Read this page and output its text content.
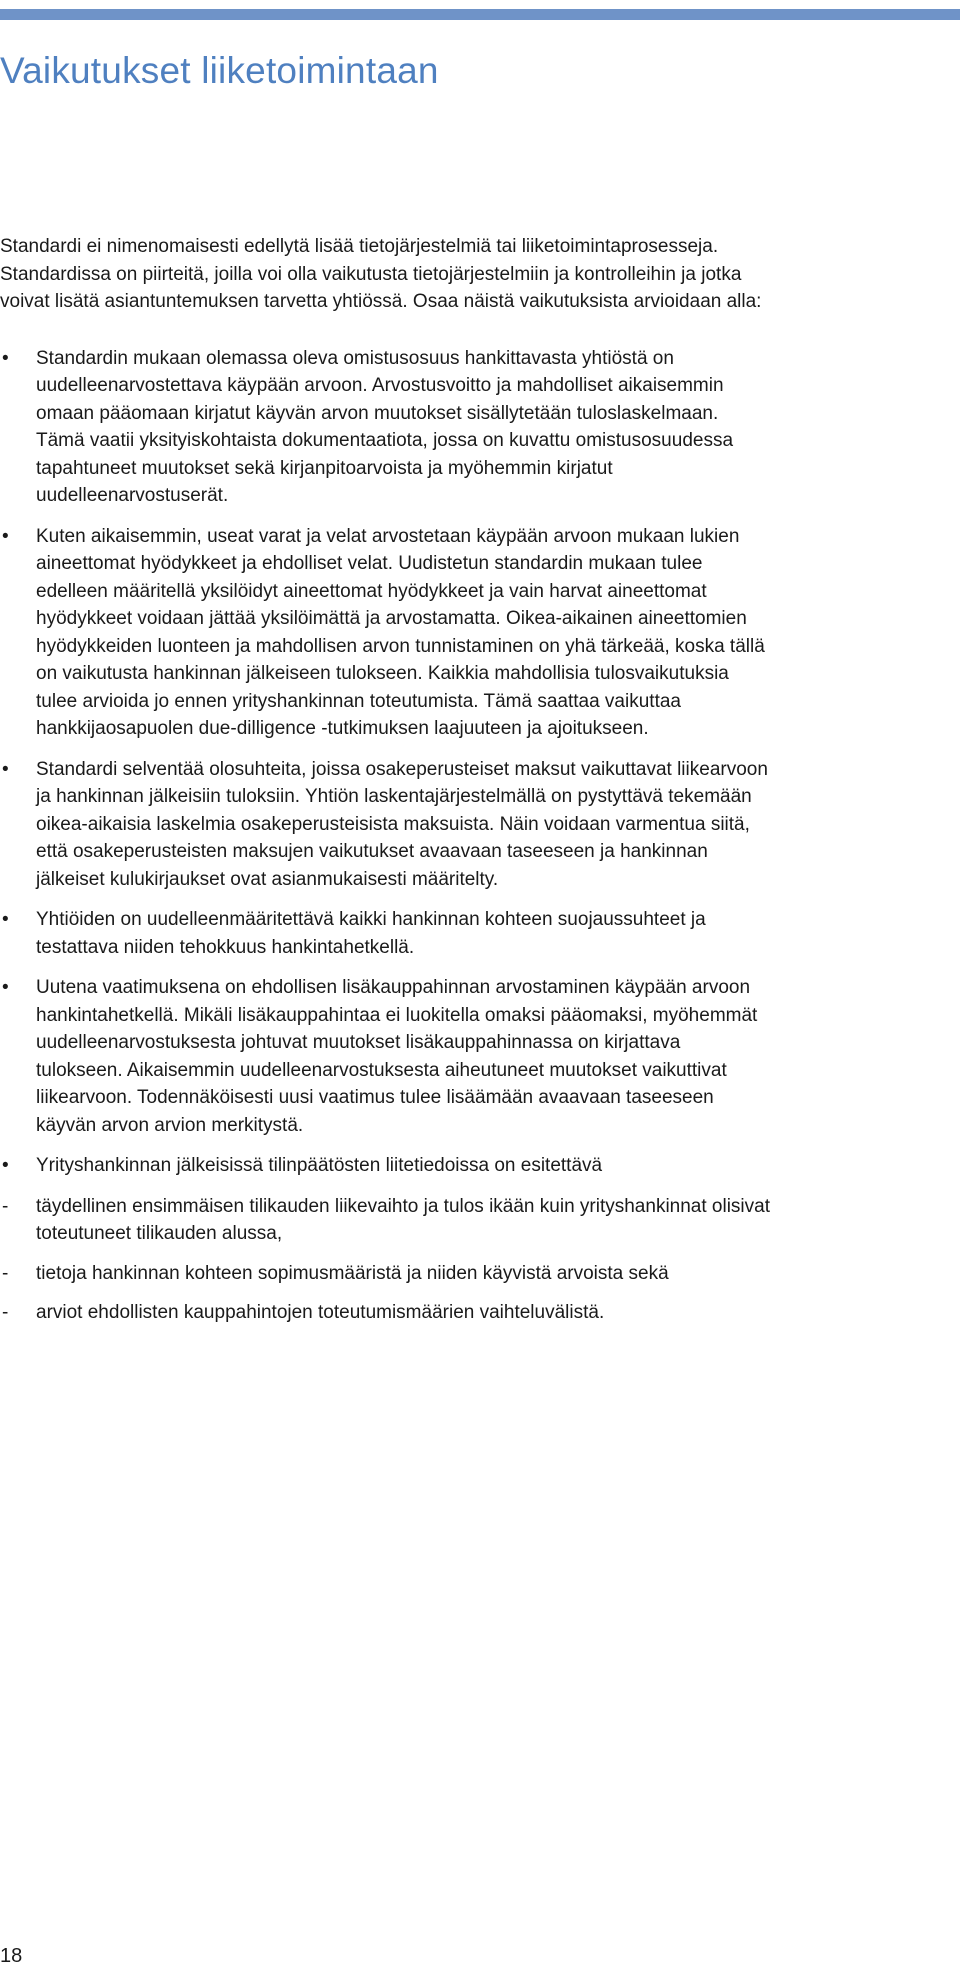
Vaikutukset liiketoimintaan

Standardi ei nimenomaisesti edellytä lisää tietojärjestelmiä tai liiketoimintaprosesseja. Standardissa on piirteitä, joilla voi olla vaikutusta tietojärjestelmiin ja kontrolleihin ja jotka voivat lisätä asiantuntemuksen tarvetta yhtiössä. Osaa näistä vaikutuksista arvioidaan alla:

• Standardin mukaan olemassa oleva omistusosuus hankittavasta yhtiöstä on uudelleenarvostettava käypään arvoon. Arvostusvoitto ja mahdolliset aikaisemmin omaan pääomaan kirjatut käyvän arvon muutokset sisällytetään tuloslaskelmaan. Tämä vaatii yksityiskohtaista dokumentaatiota, jossa on kuvattu omistusosuudessa tapahtuneet muutokset sekä kirjanpitoarvoista ja myöhemmin kirjatut uudelleenarvostuserät.
• Kuten aikaisemmin, useat varat ja velat arvostetaan käypään arvoon mukaan lukien aineettomat hyödykkeet ja ehdolliset velat. Uudistetun standardin mukaan tulee edelleen määritellä yksilöidyt aineettomat hyödykkeet ja vain harvat aineettomat hyödykkeet voidaan jättää yksilöimättä ja arvostamatta. Oikea-aikainen aineettomien hyödykkeiden luonteen ja mahdollisen arvon tunnistaminen on yhä tärkeää, koska tällä on vaikutusta hankinnan jälkeiseen tulokseen. Kaikkia mahdollisia tulosvaikutuksia tulee arvioida jo ennen yrityshankinnan toteutumista. Tämä saattaa vaikuttaa hankkijaosapuolen due-dilligence -tutkimuksen laajuuteen ja ajoitukseen.
• Standardi selventää olosuhteita, joissa osakeperusteiset maksut vaikuttavat liikearvoon ja hankinnan jälkeisiin tuloksiin. Yhtiön laskentajärjestelmällä on pystyttävä tekemään oikea-aikaisia laskelmia osakeperusteisista maksuista. Näin voidaan varmentua siitä, että osakeperusteisten maksujen vaikutukset avaavaan taseeseen ja hankinnan jälkeiset kulukirjaukset ovat asianmukaisesti määritelty.
• Yhtiöiden on uudelleenmääritettävä kaikki hankinnan kohteen suojaussuhteet ja testattava niiden tehokkuus hankintahetkellä.
• Uutena vaatimuksena on ehdollisen lisäkauppahinnan arvostaminen käypään arvoon hankintahetkellä. Mikäli lisäkauppahintaa ei luokitella omaksi pääomaksi, myöhemmät uudelleenarvostuksesta johtuvat muutokset lisäkauppahinnassa on kirjattava tulokseen. Aikaisemmin uudelleenarvostuksesta aiheutuneet muutokset vaikuttivat liikearvoon. Todennäköisesti uusi vaatimus tulee lisäämään avaavaan taseeseen käyvän arvon arvion merkitystä.
• Yrityshankinnan jälkeisissä tilinpäätösten liitetiedoissa on esitettävä
- täydellinen ensimmäisen tilikauden liikevaihto ja tulos ikään kuin yrityshankinnat olisivat toteutuneet tilikauden alussa,
- tietoja hankinnan kohteen sopimusmääristä ja niiden käyvistä arvoista sekä
- arviot ehdollisten kauppahintojen toteutumismäärien vaihteluvälistä.
18
